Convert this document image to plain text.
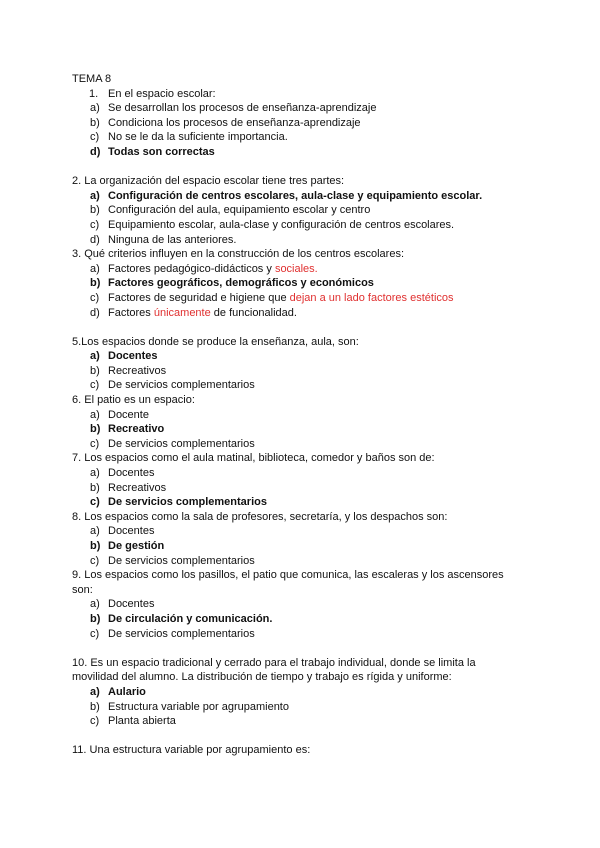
TEMA 8
1. En el espacio escolar:
a) Se desarrollan los procesos de enseñanza-aprendizaje
b) Condiciona los procesos de enseñanza-aprendizaje
c) No se le da la suficiente importancia.
d) Todas son correctas
2. La organización del espacio escolar tiene tres partes:
a) Configuración de centros escolares, aula-clase y equipamiento escolar.
b) Configuración del aula, equipamiento escolar y centro
c) Equipamiento escolar, aula-clase y configuración de centros escolares.
d) Ninguna de las anteriores.
3. Qué criterios influyen en la construcción de los centros escolares:
a) Factores pedagógico-didácticos y sociales.
b) Factores geográficos, demográficos y económicos
c) Factores de seguridad e higiene que dejan a un lado factores estéticos
d) Factores únicamente de funcionalidad.
5.Los espacios donde se produce la enseñanza, aula, son:
a) Docentes
b) Recreativos
c) De servicios complementarios
6. El patio es un espacio:
a) Docente
b) Recreativo
c) De servicios complementarios
7. Los espacios como el aula matinal, biblioteca, comedor y baños son de:
a) Docentes
b) Recreativos
c) De servicios complementarios
8. Los espacios como la sala de profesores, secretaría, y los despachos son:
a) Docentes
b) De gestión
c) De servicios complementarios
9. Los espacios como los pasillos, el patio que comunica, las escaleras y los ascensores
son:
a) Docentes
b) De circulación y comunicación.
c) De servicios complementarios
10. Es un espacio tradicional y cerrado para el trabajo individual, donde se limita la
movilidad del alumno. La distribución de tiempo y trabajo es rígida y uniforme:
a) Aulario
b) Estructura variable por agrupamiento
c) Planta abierta
11. Una estructura variable por agrupamiento es:
